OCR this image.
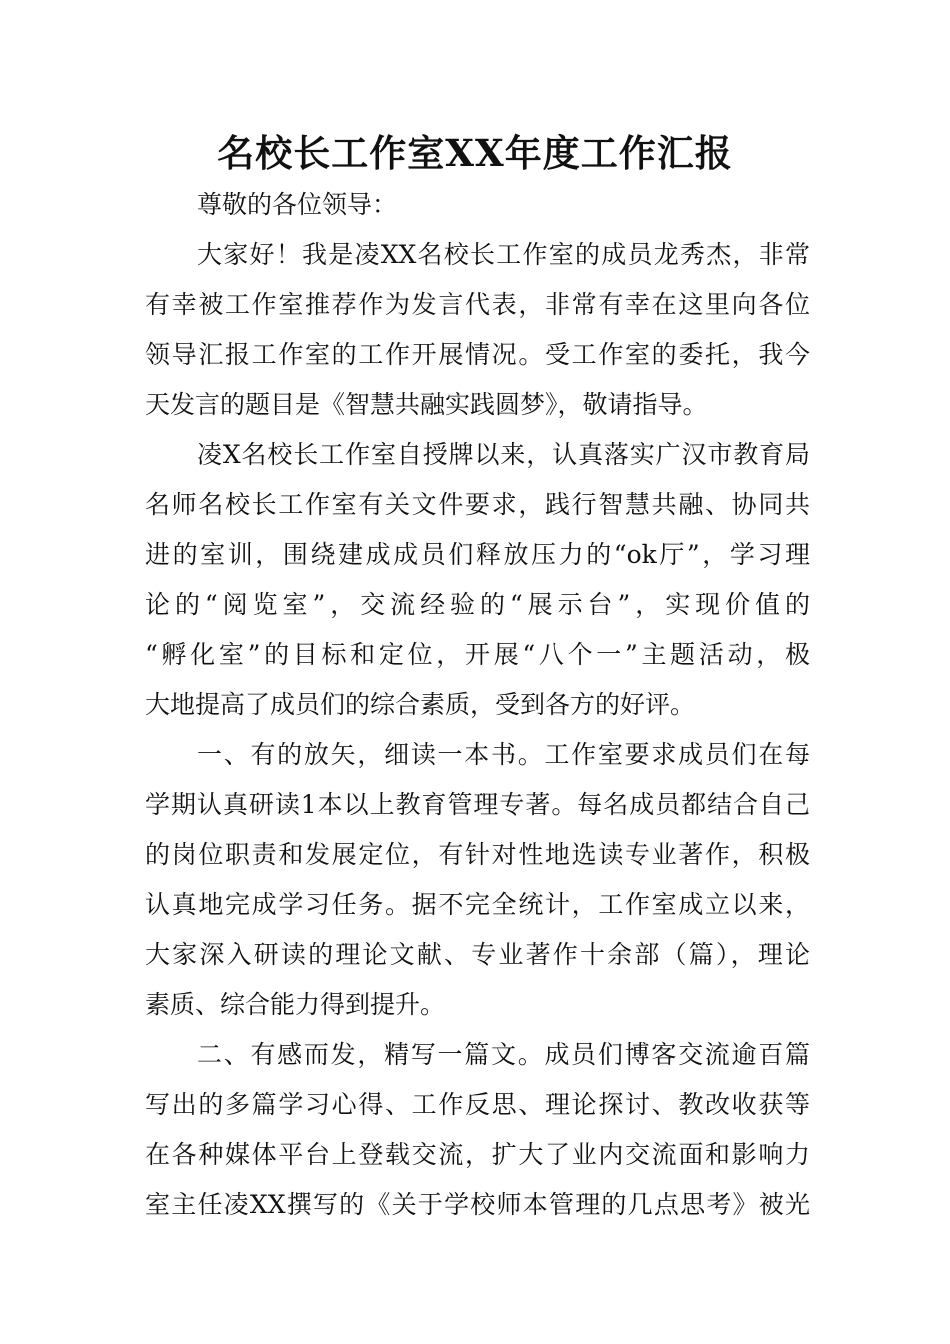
名校长工作室XX年度工作汇报
尊敬的各位领导：
大家好！我是凌XX名校长工作室的成员龙秀杰，非常
有幸被工作室推荐作为发言代表，非常有幸在这里向各位
领导汇报工作室的工作开展情况。受工作室的委托，我今
天发言的题目是《智慧共融实践圆梦》，敬请指导。
凌X名校长工作室自授牌以来，认真落实广汉市教育局
名师名校长工作室有关文件要求，践行智慧共融、协同共
进的室训，围绕建成成员们释放压力的“ok厅”，学习理
论的“阅览室”，交流经验的“展示台”，实现价值的
“孵化室”的目标和定位，开展“八个一”主题活动，极
大地提高了成员们的综合素质，受到各方的好评。
一、有的放矢，细读一本书。工作室要求成员们在每
学期认真研读1本以上教育管理专著。每名成员都结合自己
的岗位职责和发展定位，有针对性地选读专业著作，积极
认真地完成学习任务。据不完全统计，工作室成立以来，
大家深入研读的理论文献、专业著作十余部（篇），理论
素质、综合能力得到提升。
二、有感而发，精写一篇文。成员们博客交流逾百篇
写出的多篇学习心得、工作反思、理论探讨、教改收获等
在各种媒体平台上登载交流，扩大了业内交流面和影响力
室主任凌XX撰写的《关于学校师本管理的几点思考》被光
